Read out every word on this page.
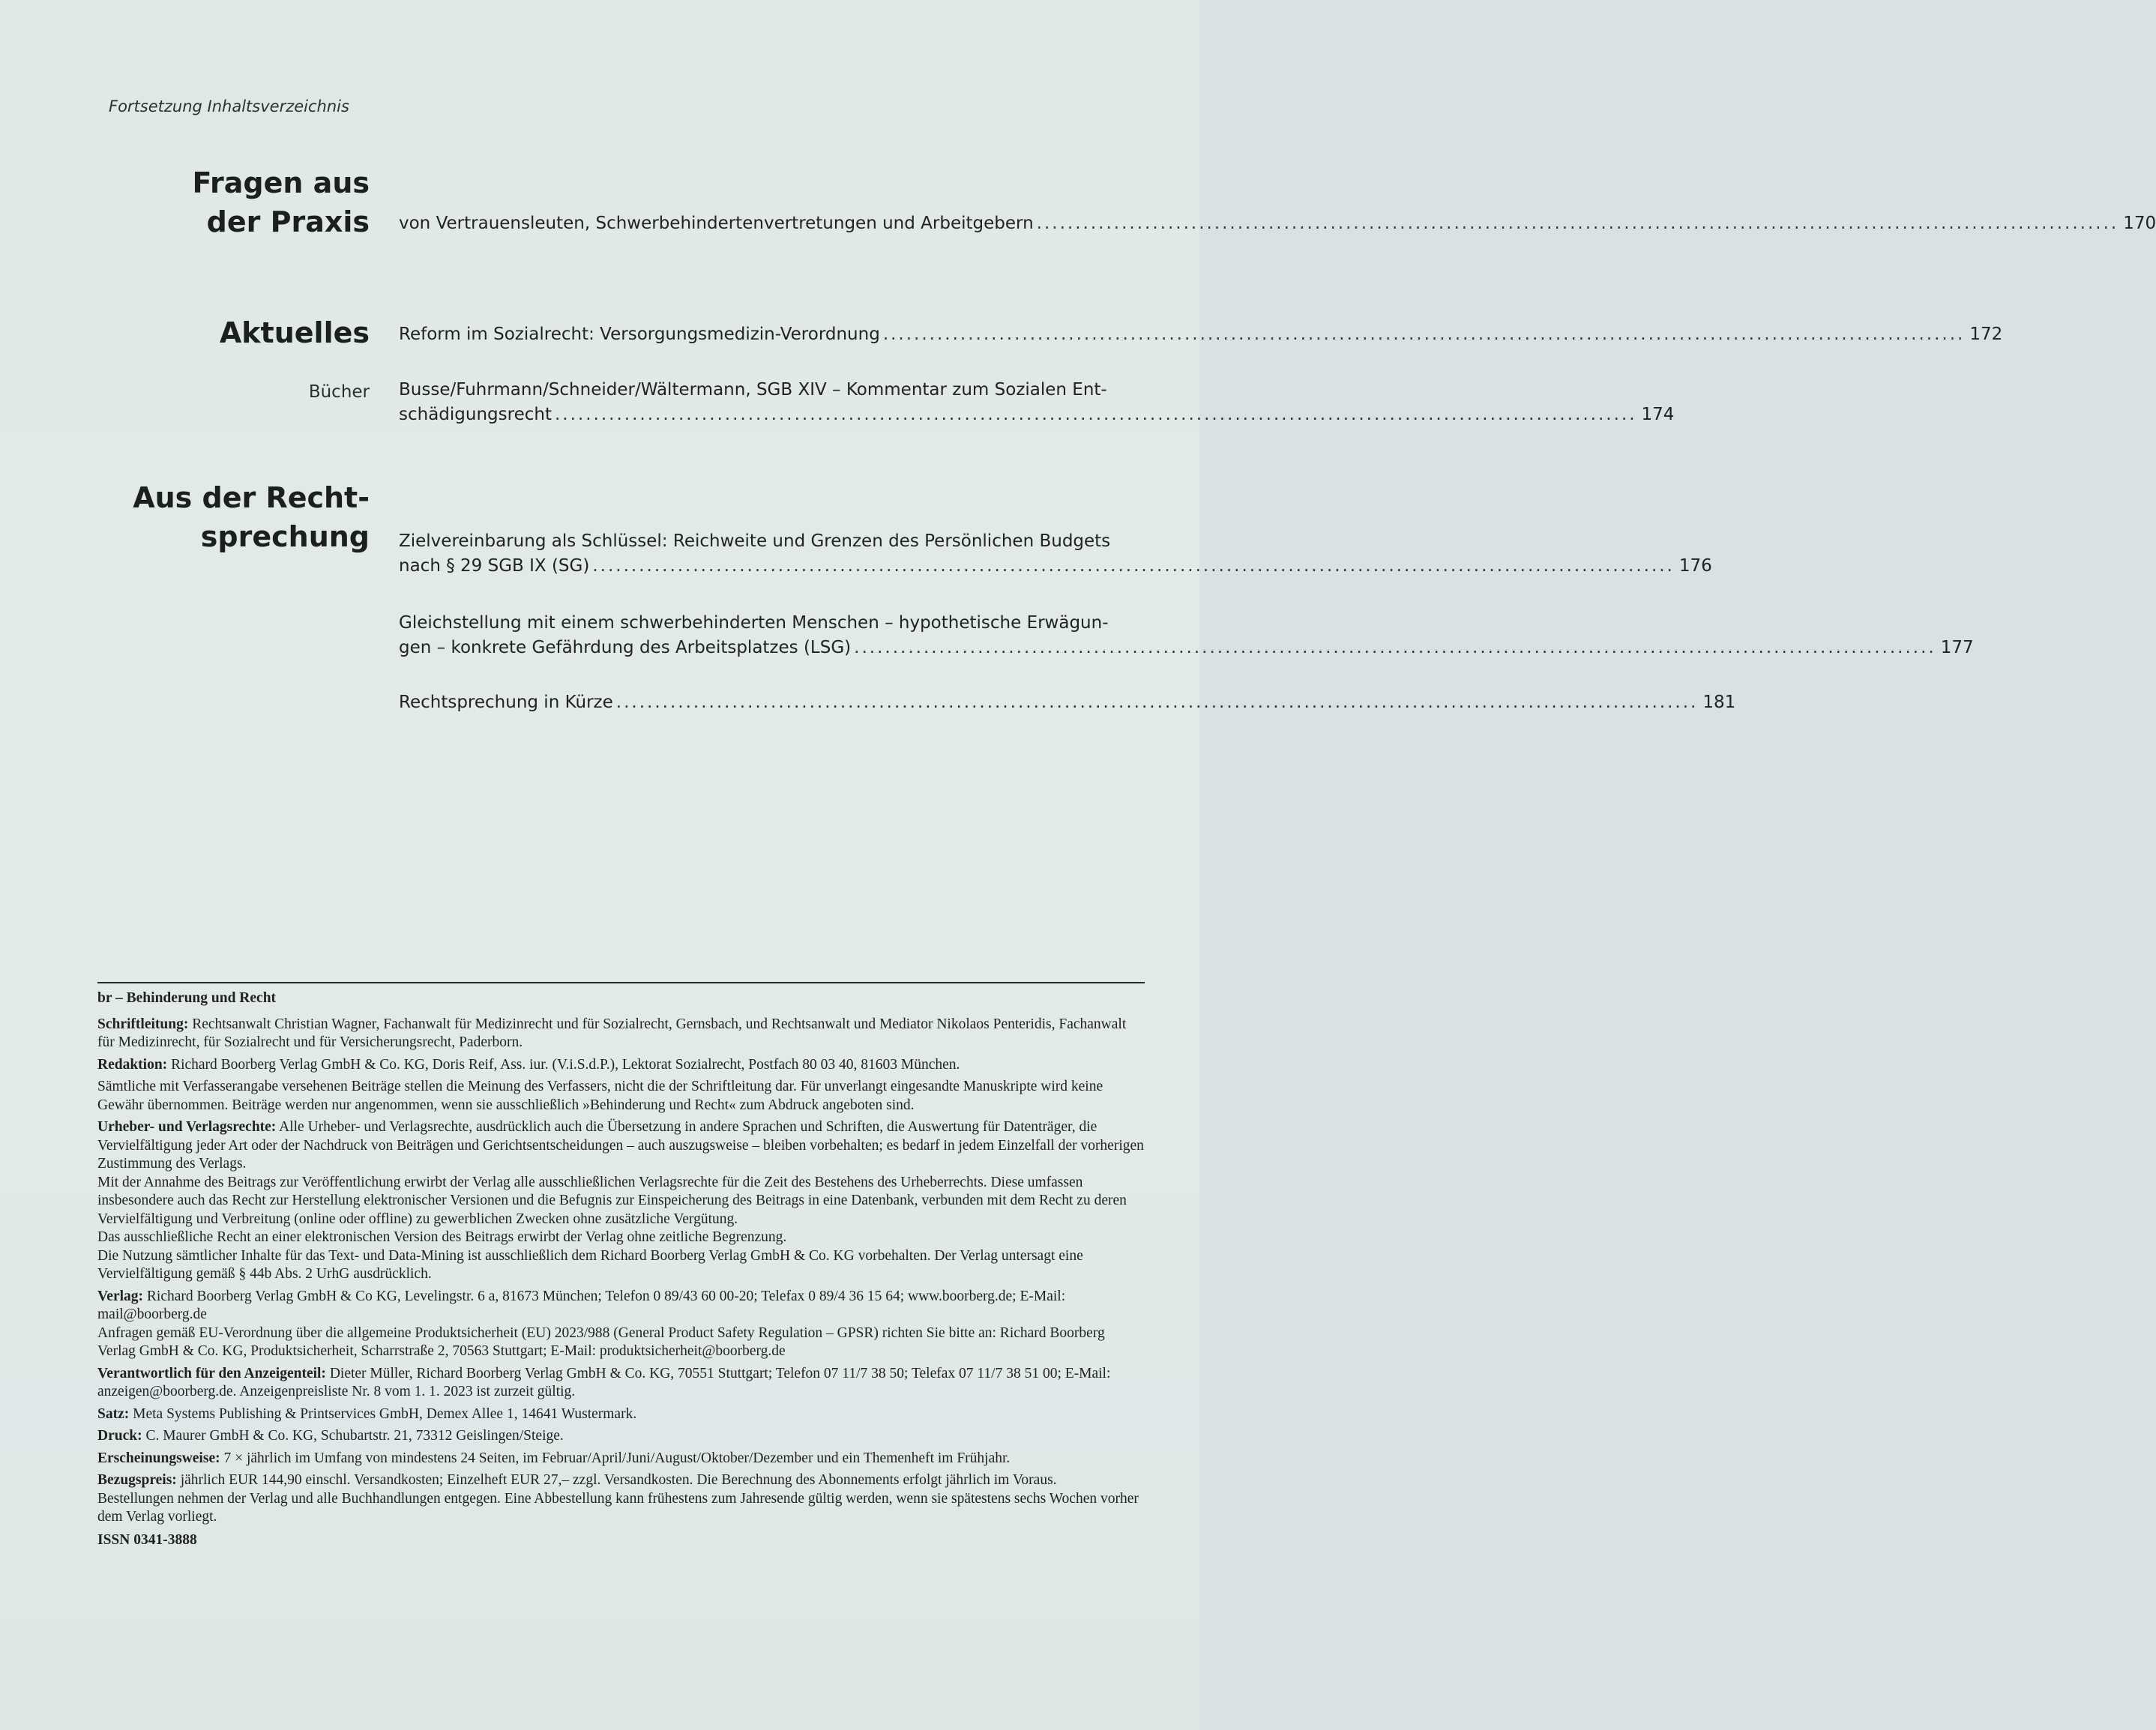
Fortsetzung Inhaltsverzeichnis
Fragen aus
der Praxis von Vertrauensleuten, Schwerbehindertenvertretungen und Arbeitgebern ............................................................................................................................................ 170
Aktuelles Reform im Sozialrecht: Versorgungsmedizin-Verordnung ............................................................................................................................................ 172
Bücher Busse/Fuhrmann/Schneider/Wältermann, SGB XIV – Kommentar zum Sozialen Ent-
schädigungsrecht ............................................................................................................................................ 174
Aus der Recht-
sprechung Zielvereinbarung als Schlüssel: Reichweite und Grenzen des Persönlichen Budgets
nach § 29 SGB IX (SG) ............................................................................................................................................ 176
Gleichstellung mit einem schwerbehinderten Menschen – hypothetische Erwägun-
gen – konkrete Gefährdung des Arbeitsplatzes (LSG) ............................................................................................................................................ 177
Rechtsprechung in Kürze ............................................................................................................................................ 181

br – Behinderung und Recht

Schriftleitung: Rechtsanwalt Christian Wagner, Fachanwalt für Medizinrecht und für Sozialrecht, Gernsbach, und Rechtsanwalt und Mediator Nikolaos Penteridis, Fachanwalt für Medizinrecht, für Sozialrecht und für Versicherungsrecht, Paderborn.

Redaktion: Richard Boorberg Verlag GmbH & Co. KG, Doris Reif, Ass. iur. (V.i.S.d.P.), Lektorat Sozialrecht, Postfach 80 03 40, 81603 München.

Sämtliche mit Verfasserangabe versehenen Beiträge stellen die Meinung des Verfassers, nicht die der Schriftleitung dar. Für unverlangt eingesandte Manuskripte wird keine Gewähr übernommen. Beiträge werden nur angenommen, wenn sie ausschließlich »Behinderung und Recht« zum Abdruck angeboten sind.

Urheber- und Verlagsrechte: Alle Urheber- und Verlagsrechte, ausdrücklich auch die Übersetzung in andere Sprachen und Schriften, die Auswertung für Datenträger, die Vervielfältigung jeder Art oder der Nachdruck von Beiträgen und Gerichtsentscheidungen – auch auszugsweise – bleiben vorbehalten; es bedarf in jedem Einzelfall der vorherigen Zustimmung des Verlags.

Mit der Annahme des Beitrags zur Veröffentlichung erwirbt der Verlag alle ausschließlichen Verlagsrechte für die Zeit des Bestehens des Urheberrechts. Diese umfassen insbesondere auch das Recht zur Herstellung elektronischer Versionen und die Befugnis zur Einspeicherung des Beitrags in eine Datenbank, verbunden mit dem Recht zu deren Vervielfältigung und Verbreitung (online oder offline) zu gewerblichen Zwecken ohne zusätzliche Vergütung.

Das ausschließliche Recht an einer elektronischen Version des Beitrags erwirbt der Verlag ohne zeitliche Begrenzung.

Die Nutzung sämtlicher Inhalte für das Text- und Data-Mining ist ausschließlich dem Richard Boorberg Verlag GmbH & Co. KG vorbehalten. Der Verlag untersagt eine Vervielfältigung gemäß § 44b Abs. 2 UrhG ausdrücklich.

Verlag: Richard Boorberg Verlag GmbH & Co KG, Levelingstr. 6 a, 81673 München; Telefon 0 89/43 60 00-20; Telefax 0 89/4 36 15 64; www.boorberg.de; E-Mail: mail@boorberg.de

Anfragen gemäß EU-Verordnung über die allgemeine Produktsicherheit (EU) 2023/988 (General Product Safety Regulation – GPSR) richten Sie bitte an: Richard Boorberg Verlag GmbH & Co. KG, Produktsicherheit, Scharrstraße 2, 70563 Stuttgart; E-Mail: produktsicherheit@boorberg.de

Verantwortlich für den Anzeigenteil: Dieter Müller, Richard Boorberg Verlag GmbH & Co. KG, 70551 Stuttgart; Telefon 07 11/7 38 50; Telefax 07 11/7 38 51 00; E-Mail: anzeigen@boorberg.de. Anzeigenpreisliste Nr. 8 vom 1. 1. 2023 ist zurzeit gültig.

Satz: Meta Systems Publishing & Printservices GmbH, Demex Allee 1, 14641 Wustermark.

Druck: C. Maurer GmbH & Co. KG, Schubartstr. 21, 73312 Geislingen/Steige.

Erscheinungsweise: 7 × jährlich im Umfang von mindestens 24 Seiten, im Februar/April/Juni/August/Oktober/Dezember und ein Themenheft im Frühjahr.

Bezugspreis: jährlich EUR 144,90 einschl. Versandkosten; Einzelheft EUR 27,– zzgl. Versandkosten. Die Berechnung des Abonnements erfolgt jährlich im Voraus.

Bestellungen nehmen der Verlag und alle Buchhandlungen entgegen. Eine Abbestellung kann frühestens zum Jahresende gültig werden, wenn sie spätestens sechs Wochen vorher dem Verlag vorliegt.

ISSN 0341-3888
